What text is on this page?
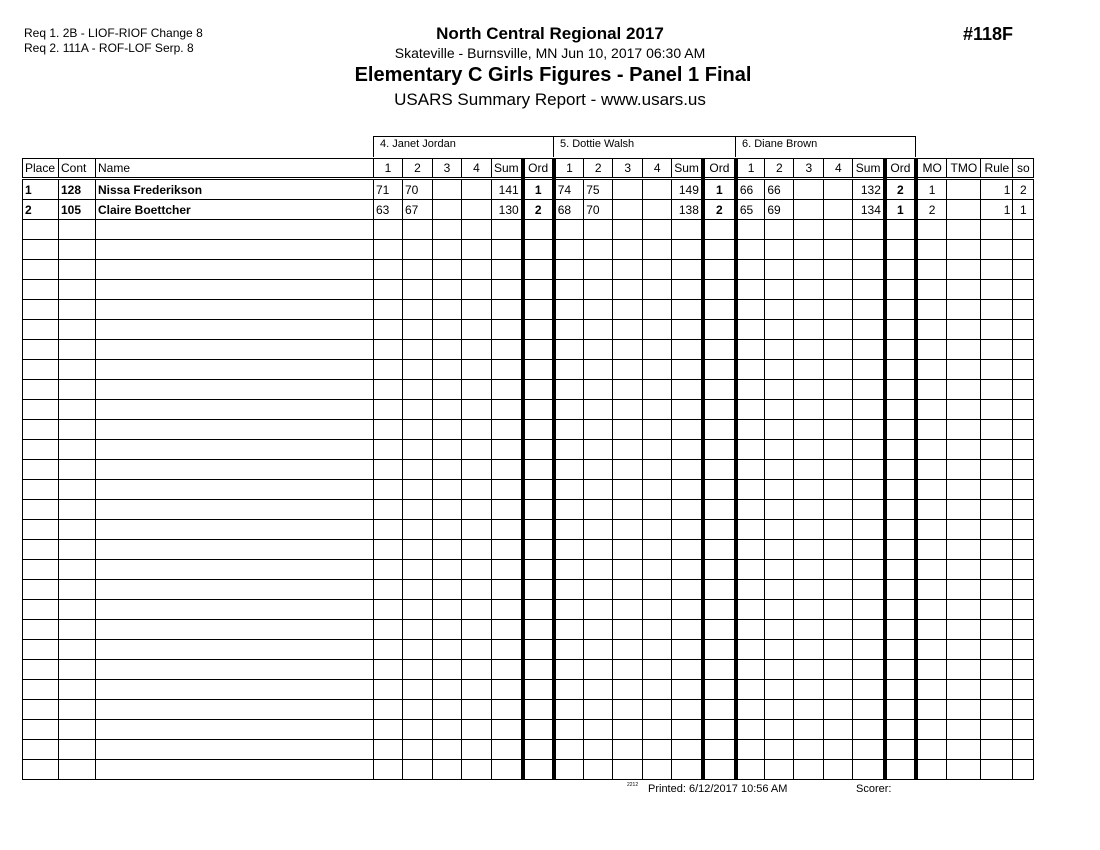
Req 1. 2B - LIOF-RIOF Change 8
Req 2. 111A - ROF-LOF Serp. 8
North Central Regional 2017
Skateville - Burnsville, MN Jun 10, 2017 06:30 AM
Elementary C Girls Figures - Panel 1 Final
USARS Summary Report - www.usars.us
#118F
4. Janet Jordan	5. Dottie Walsh	6. Diane Brown
Place	Cont	Name	1	2	3	4	Sum	Ord	1	2	3	4	Sum	Ord	1	2	3	4	Sum	Ord	MO	TMO	Rule	so
1	128	Nissa Frederikson	71	70			141	1	74	75			149	1	66	66			132	2	1		1	2
2	105	Claire Boettcher	63	67			130	2	68	70			138	2	65	69			134	1	2		1	1

2212 Printed: 6/12/2017 10:56 AM	Scorer:
